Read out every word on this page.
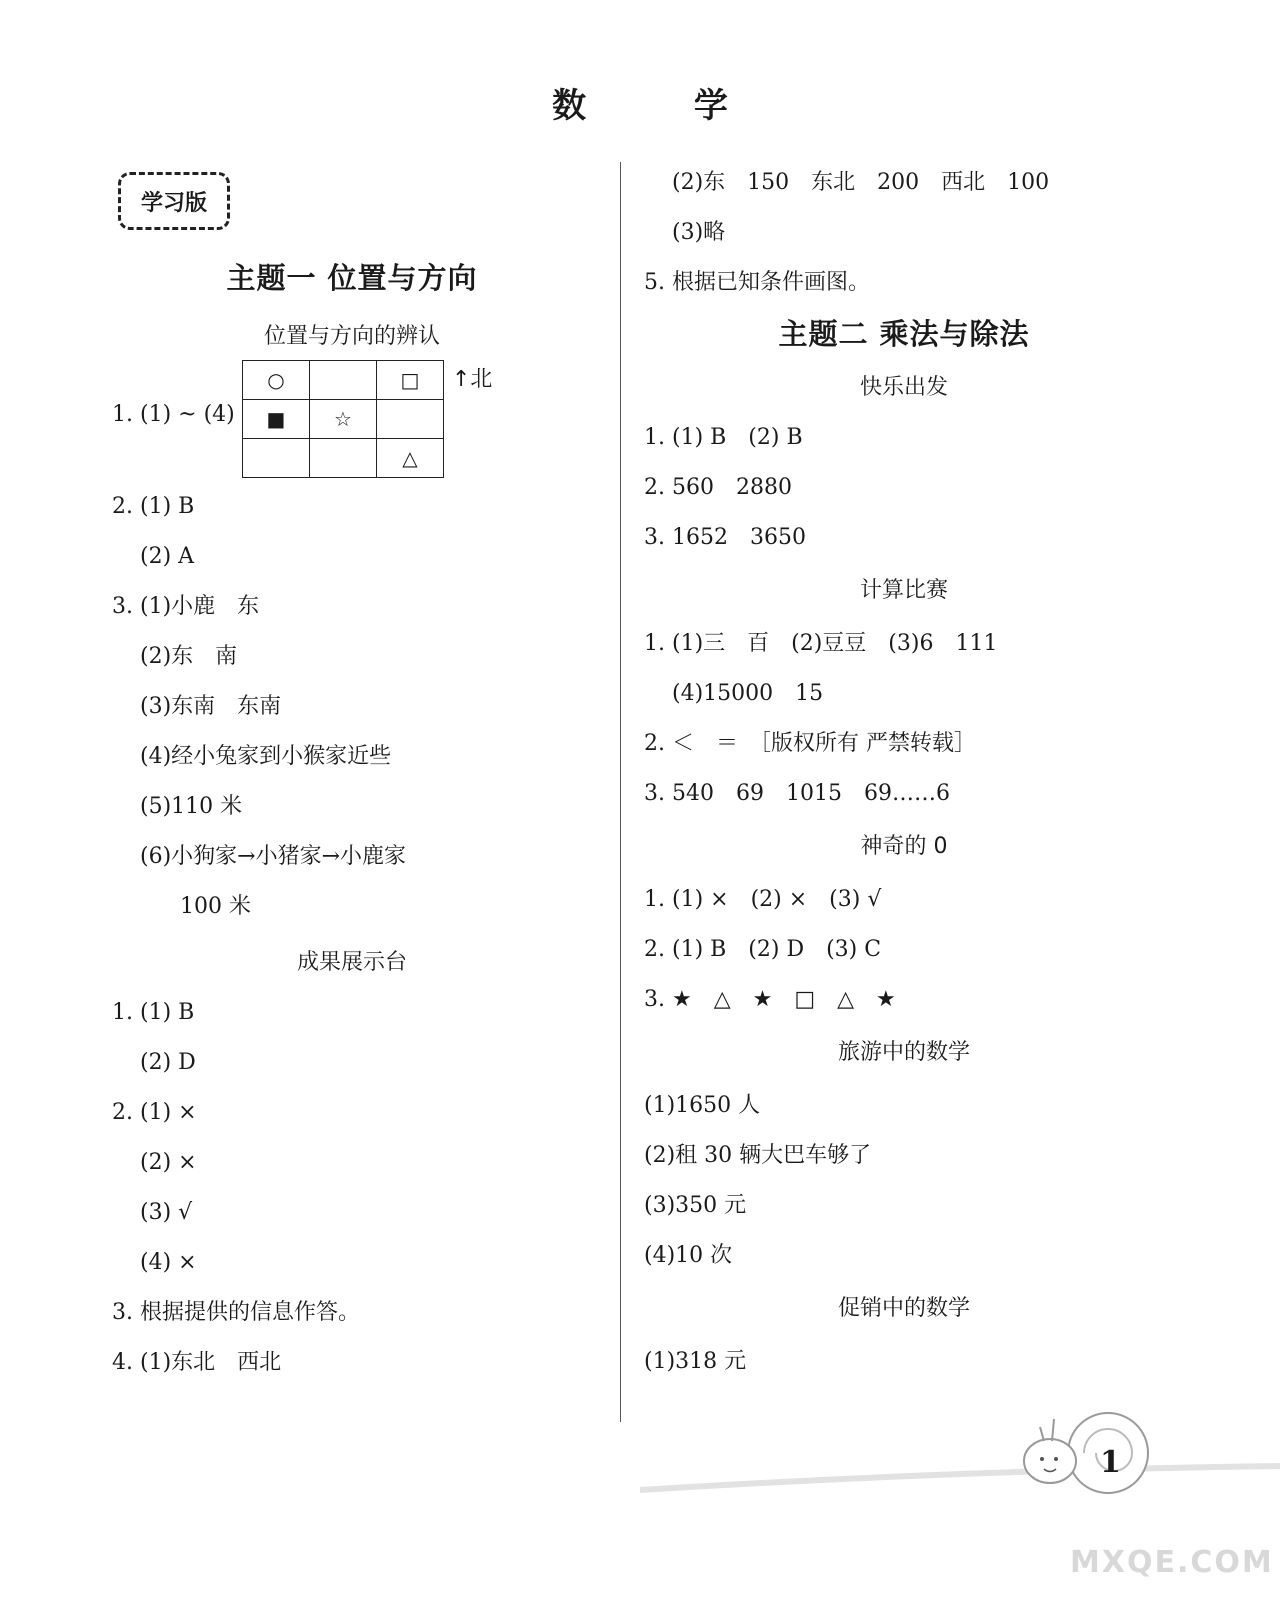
数 学
学习版
主题一 位置与方向
位置与方向的辨认
1. (1) ~ (4)
○		□
■	☆	
		△
↑北
2. (1) B
(2) A
3. (1)小鹿　东
(2)东　南
(3)东南　东南
(4)经小兔家到小猴家近些
(5)110 米
(6)小狗家→小猪家→小鹿家
100 米
成果展示台
1. (1) B
(2) D
2. (1) ×
(2) ×
(3) √
(4) ×
3. 根据提供的信息作答。
4. (1)东北　西北
(2)东　150　东北　200　西北　100
(3)略
5. 根据已知条件画图。
主题二 乘法与除法
快乐出发
1. (1) B　(2) B
2. 560　2880
3. 1652　3650
计算比赛
1. (1)三　百　(2)豆豆　(3)6　111
(4)15000　15
2. ＜　＝　［版权所有 严禁转载］
3. 540　69　1015　69……6
神奇的 0
1. (1) ×　(2) ×　(3) √
2. (1) B　(2) D　(3) C
3. ★　△　★　□　△　★
旅游中的数学
(1)1650 人
(2)租 30 辆大巴车够了
(3)350 元
(4)10 次
促销中的数学
(1)318 元
1
MXQE.COM
